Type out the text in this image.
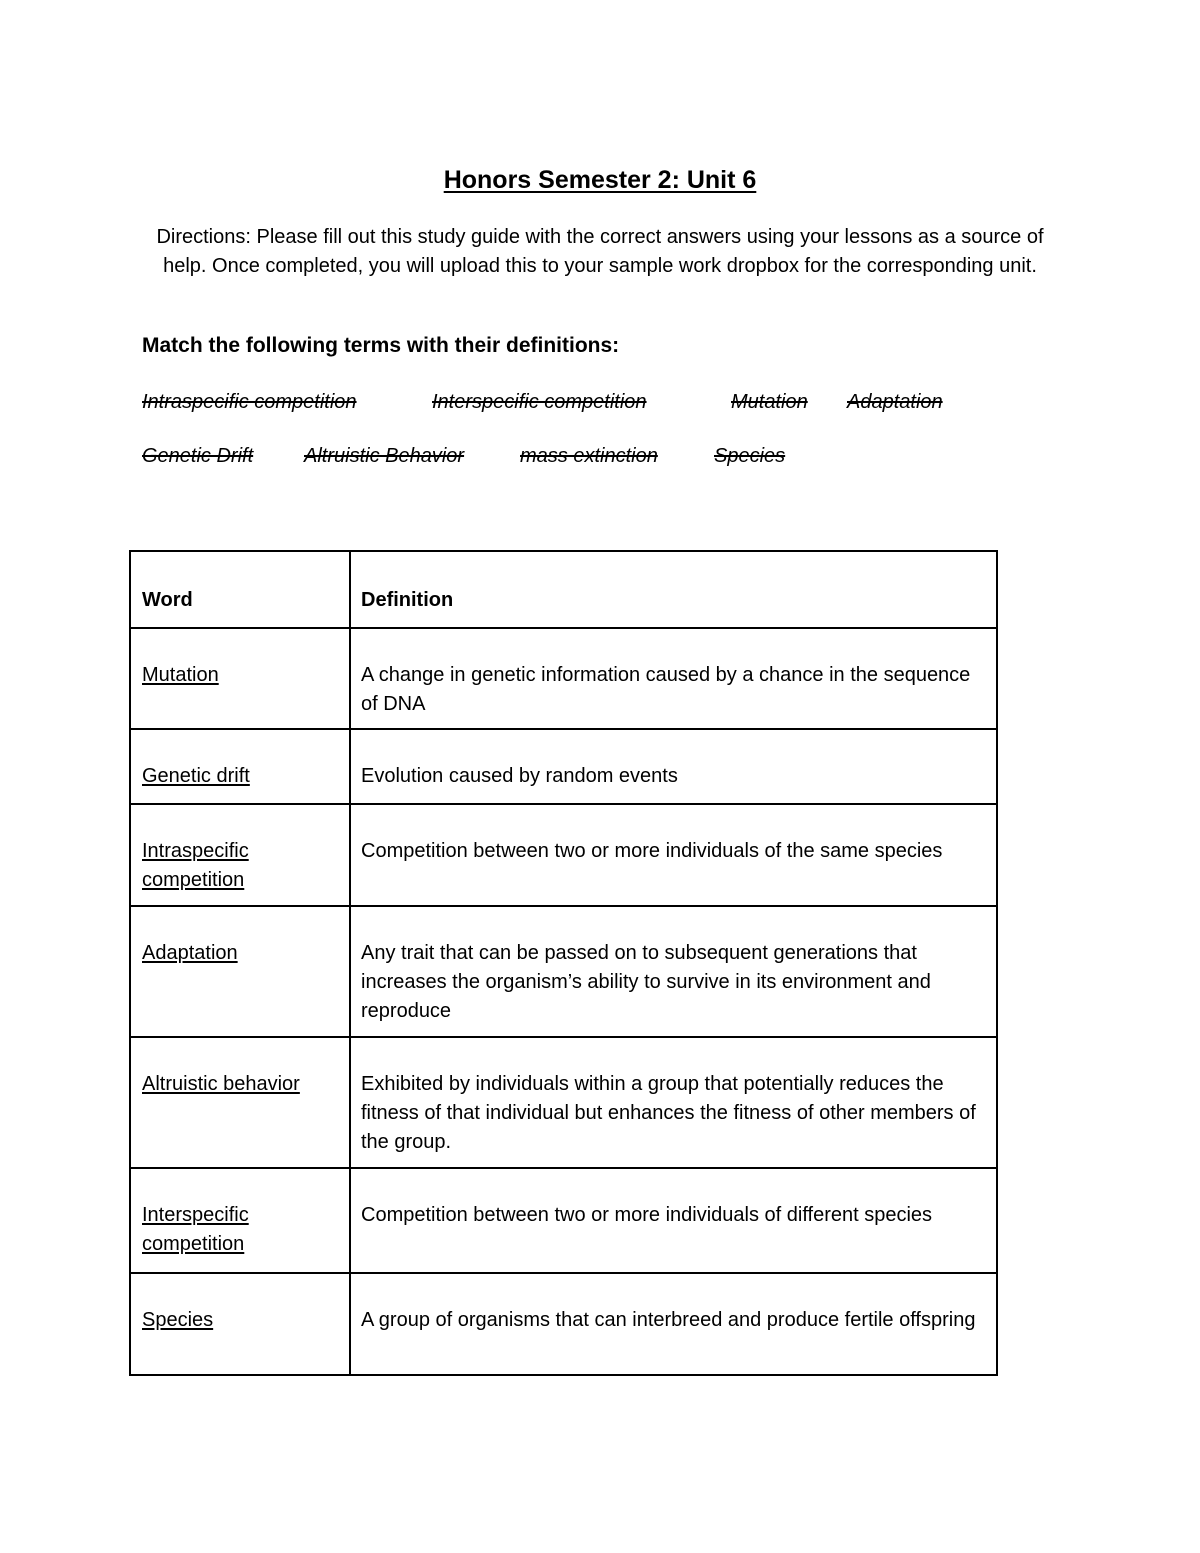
Honors Semester 2: Unit 6
Directions: Please fill out this study guide with the correct answers using your lessons as a source of help. Once completed, you will upload this to your sample work dropbox for the corresponding unit.
Match the following terms with their definitions:
Intraspecific competition	Interspecific competition	Mutation Adaptation
Genetic Drift	Altruistic Behavior	mass extinction	Species
Word	Definition
Mutation	A change in genetic information caused by a chance in the sequence of DNA
Genetic drift	Evolution caused by random events
Intraspecific competition	Competition between two or more individuals of the same species
Adaptation	Any trait that can be passed on to subsequent generations that increases the organism’s ability to survive in its environment and reproduce
Altruistic behavior	Exhibited by individuals within a group that potentially reduces the fitness of that individual but enhances the fitness of other members of the group.
Interspecific competition	Competition between two or more individuals of different species
Species	A group of organisms that can interbreed and produce fertile offspring
